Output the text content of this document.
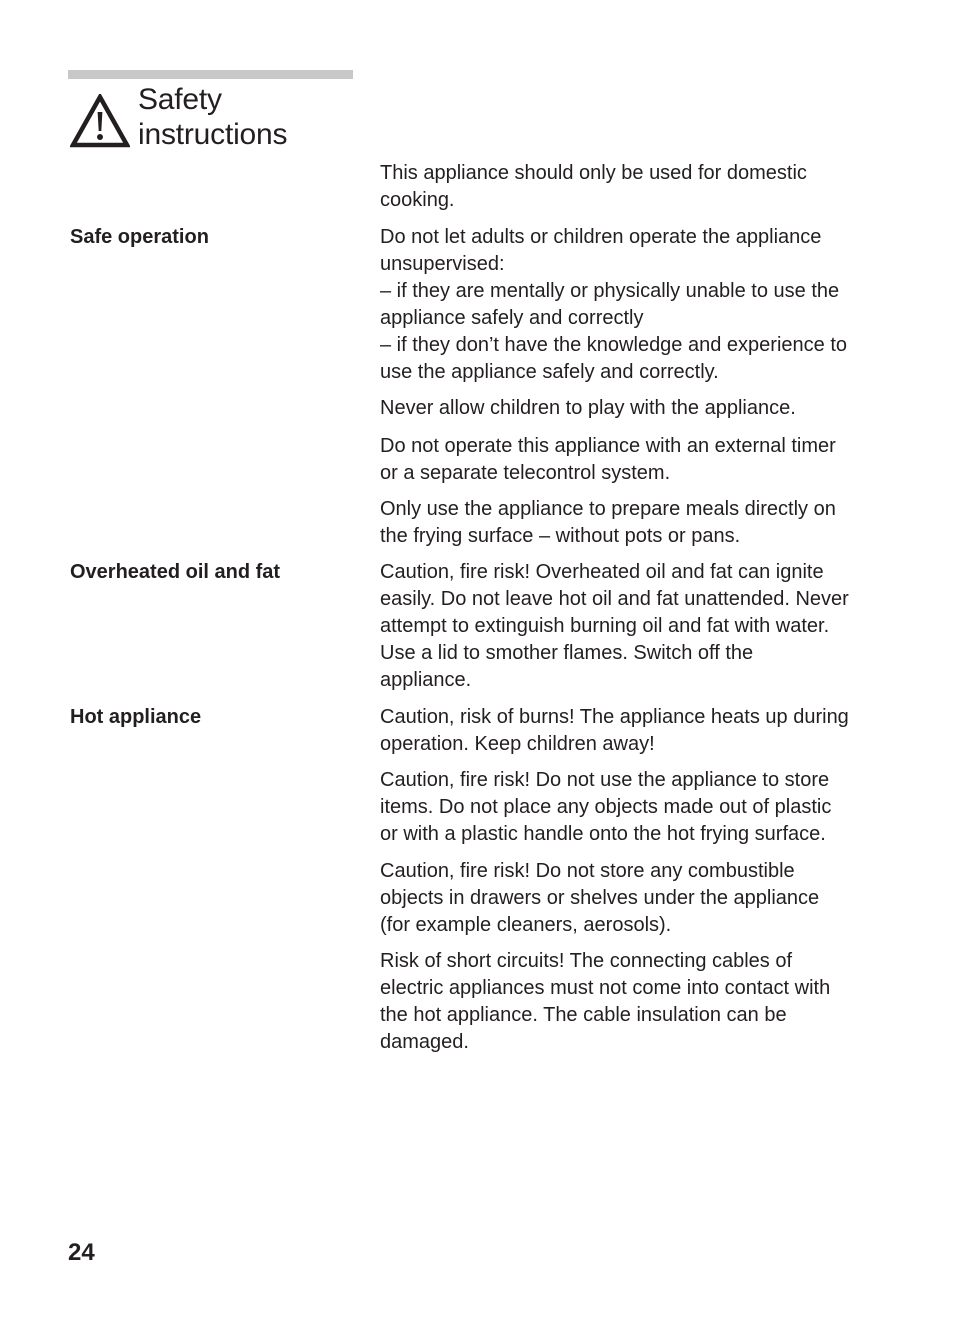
Safety
instructions

This appliance should only be used for domestic
cooking.

Safe operation	Do not let adults or children operate the appliance
unsupervised:
– if they are mentally or physically unable to use the
appliance safely and correctly
– if they don’t have the knowledge and experience to
use the appliance safely and correctly.

Never allow children to play with the appliance.

Do not operate this appliance with an external timer
or a separate telecontrol system.

Only use the appliance to prepare meals directly on
the frying surface – without pots or pans.

Overheated oil and fat	Caution, fire risk! Overheated oil and fat can ignite
easily. Do not leave hot oil and fat unattended. Never
attempt to extinguish burning oil and fat with water.
Use a lid to smother flames. Switch off the
appliance.

Hot appliance	Caution, risk of burns! The appliance heats up during
operation. Keep children away!

Caution, fire risk! Do not use the appliance to store
items. Do not place any objects made out of plastic
or with a plastic handle onto the hot frying surface.

Caution, fire risk! Do not store any combustible
objects in drawers or shelves under the appliance
(for example cleaners, aerosols).

Risk of short circuits! The connecting cables of
electric appliances must not come into contact with
the hot appliance. The cable insulation can be
damaged.

24
